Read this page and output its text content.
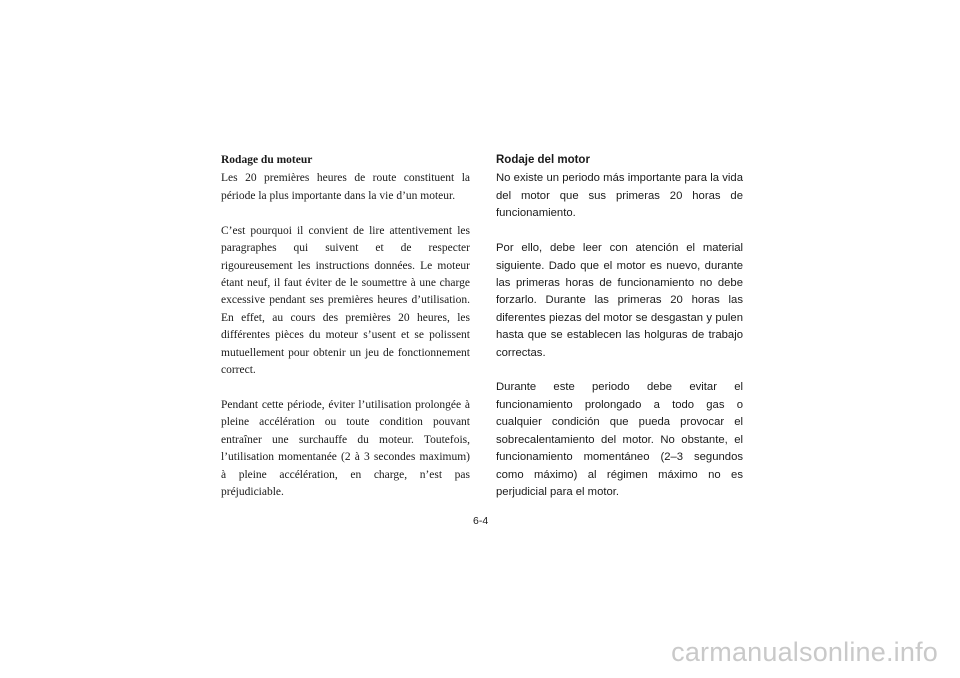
Rodage du moteur

Les 20 premières heures de route constituent la période la plus importante dans la vie d’un moteur.

C’est pourquoi il convient de lire attentivement les paragraphes qui suivent et de respecter rigoureusement les instructions données. Le moteur étant neuf, il faut éviter de le soumettre à une charge excessive pendant ses premières heures d’utilisation. En effet, au cours des premières 20 heures, les différentes pièces du moteur s’usent et se polissent mutuellement pour obtenir un jeu de fonctionnement correct.

Pendant cette période, éviter l’utilisation prolongée à pleine accélération ou toute condition pouvant entraîner une surchauffe du moteur. Toutefois, l’utilisation momentanée (2 à 3 secondes maximum) à pleine accélération, en charge, n’est pas préjudiciable.

Rodaje del motor

No existe un periodo más importante para la vida del motor que sus primeras 20 horas de funcionamiento.

Por ello, debe leer con atención el material siguiente. Dado que el motor es nuevo, durante las primeras horas de funcionamiento no debe forzarlo. Durante las primeras 20 horas las diferentes piezas del motor se desgastan y pulen hasta que se establecen las holguras de trabajo correctas.

Durante este periodo debe evitar el funcionamiento prolongado a todo gas o cualquier condición que pueda provocar el sobrecalentamiento del motor. No obstante, el funcionamiento momentáneo (2–3 segundos como máximo) al régimen máximo no es perjudicial para el motor.

6-4
carmanualsonline.info
